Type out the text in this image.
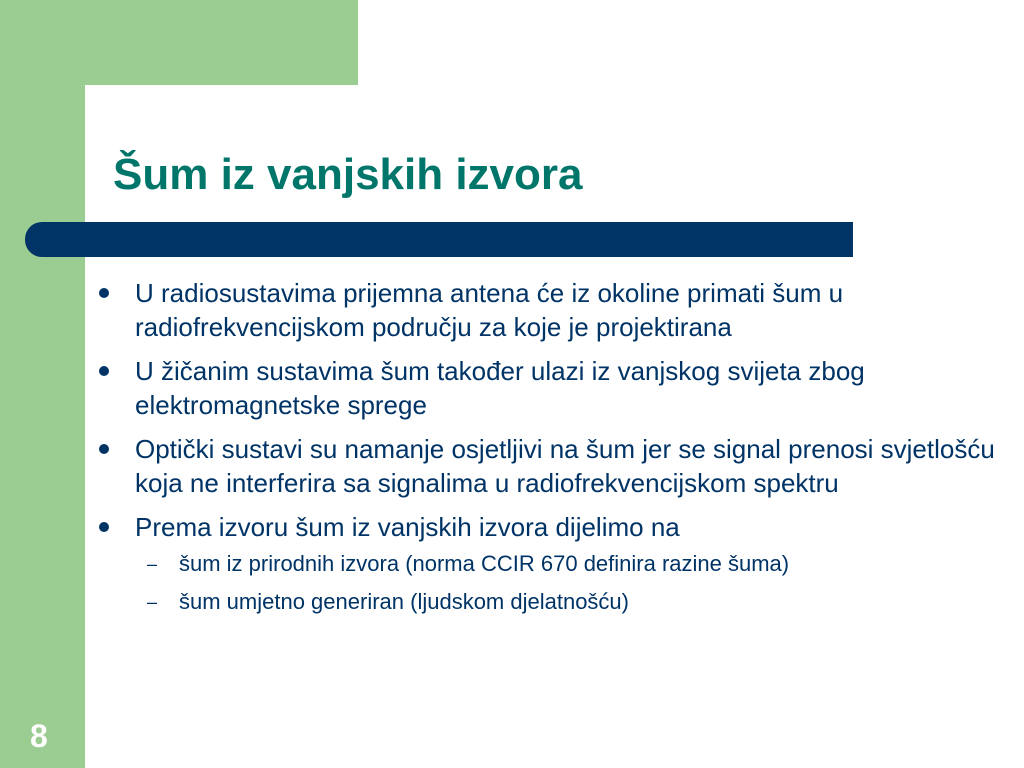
Šum iz vanjskih izvora
U radiosustavima prijemna antena će iz okoline primati šum u radiofrekvencijskom području za koje je projektirana
U žičanim sustavima šum također ulazi iz vanjskog svijeta zbog elektromagnetske sprege
Optički sustavi su namanje osjetljivi na šum jer se signal prenosi svjetlošću koja ne interferira sa signalima u radiofrekvencijskom spektru
Prema izvoru šum iz vanjskih izvora dijelimo na
– šum iz prirodnih izvora (norma CCIR 670 definira razine šuma)
– šum umjetno generiran (ljudskom djelatnošću)
8
